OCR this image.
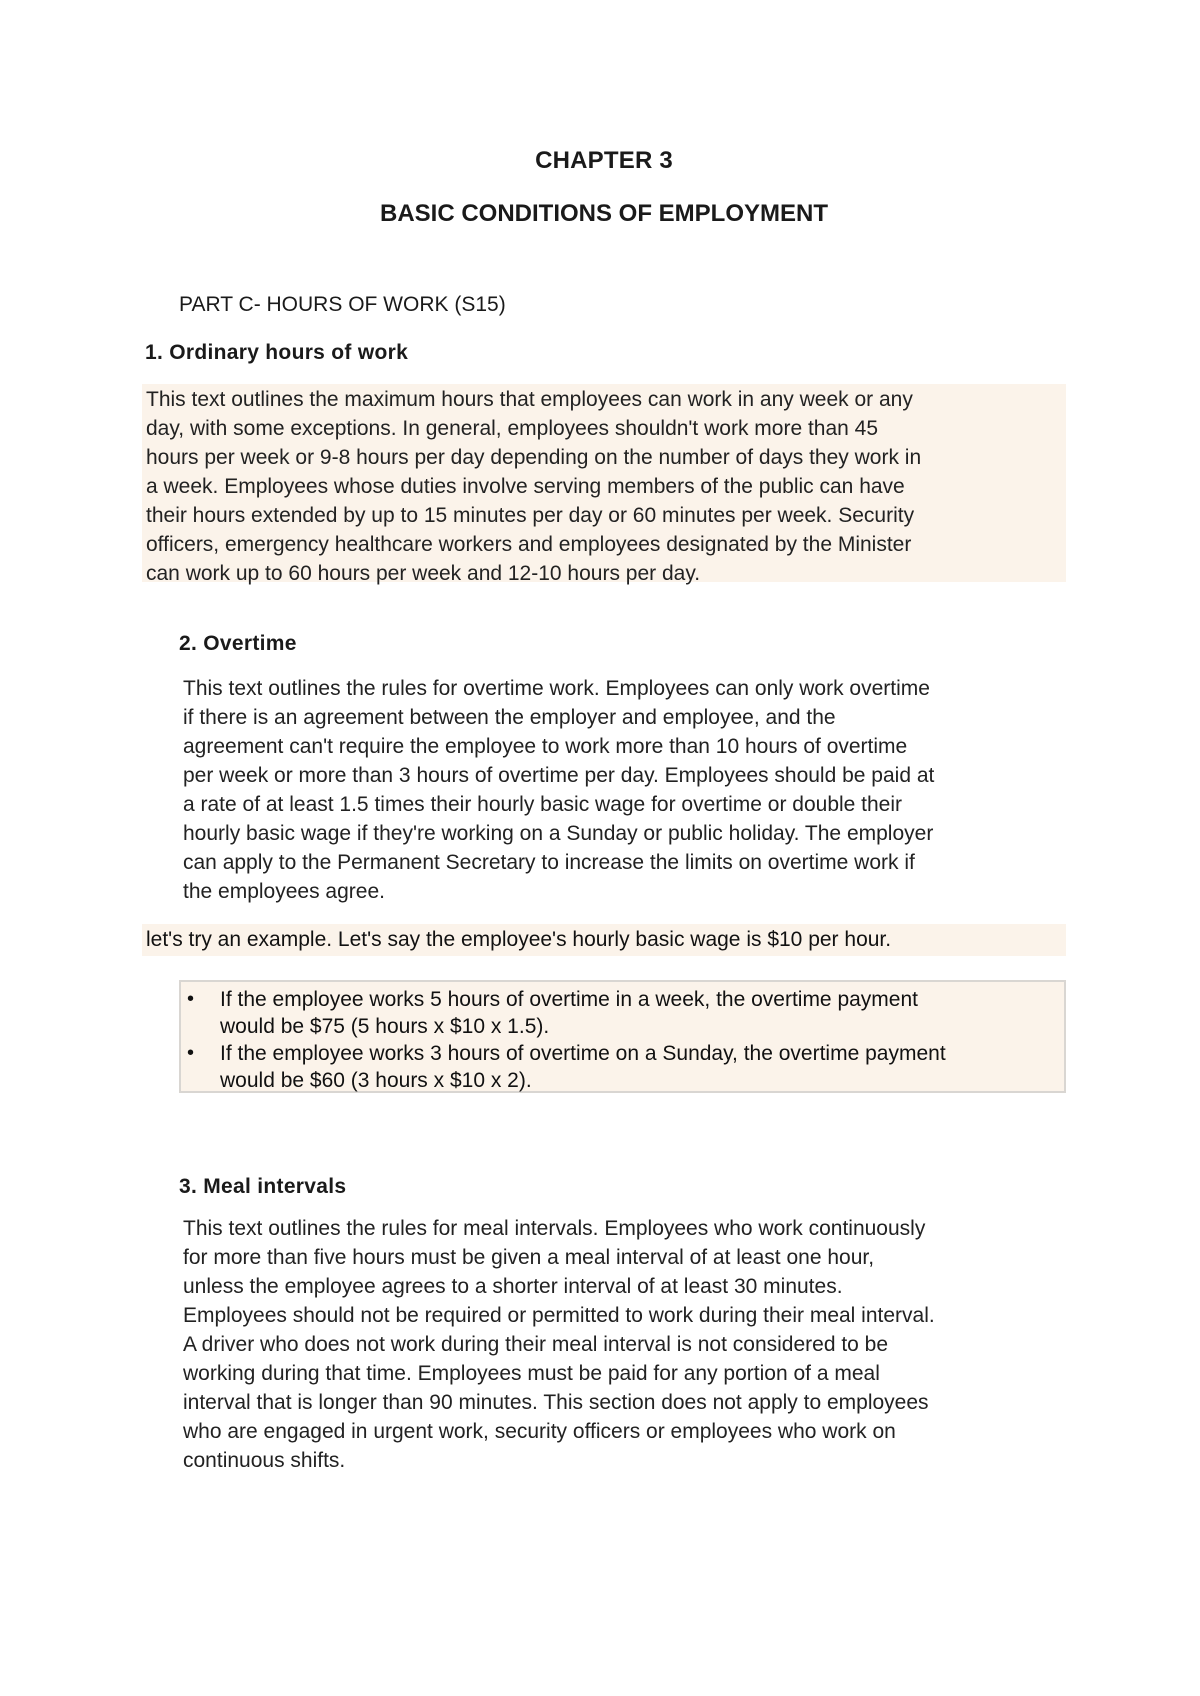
CHAPTER 3
BASIC CONDITIONS OF EMPLOYMENT
PART C- HOURS OF WORK (S15)
1. Ordinary hours of work
This text outlines the maximum hours that employees can work in any week or any
day, with some exceptions. In general, employees shouldn't work more than 45
hours per week or 9-8 hours per day depending on the number of days they work in
a week. Employees whose duties involve serving members of the public can have
their hours extended by up to 15 minutes per day or 60 minutes per week. Security
officers, emergency healthcare workers and employees designated by the Minister
can work up to 60 hours per week and 12-10 hours per day.
2. Overtime
This text outlines the rules for overtime work. Employees can only work overtime
if there is an agreement between the employer and employee, and the
agreement can't require the employee to work more than 10 hours of overtime
per week or more than 3 hours of overtime per day. Employees should be paid at
a rate of at least 1.5 times their hourly basic wage for overtime or double their
hourly basic wage if they're working on a Sunday or public holiday. The employer
can apply to the Permanent Secretary to increase the limits on overtime work if
the employees agree.
let's try an example. Let's say the employee's hourly basic wage is $10 per hour.
• If the employee works 5 hours of overtime in a week, the overtime payment
would be $75 (5 hours x $10 x 1.5).
• If the employee works 3 hours of overtime on a Sunday, the overtime payment
would be $60 (3 hours x $10 x 2).
3. Meal intervals
This text outlines the rules for meal intervals. Employees who work continuously
for more than five hours must be given a meal interval of at least one hour,
unless the employee agrees to a shorter interval of at least 30 minutes.
Employees should not be required or permitted to work during their meal interval.
A driver who does not work during their meal interval is not considered to be
working during that time. Employees must be paid for any portion of a meal
interval that is longer than 90 minutes. This section does not apply to employees
who are engaged in urgent work, security officers or employees who work on
continuous shifts.
